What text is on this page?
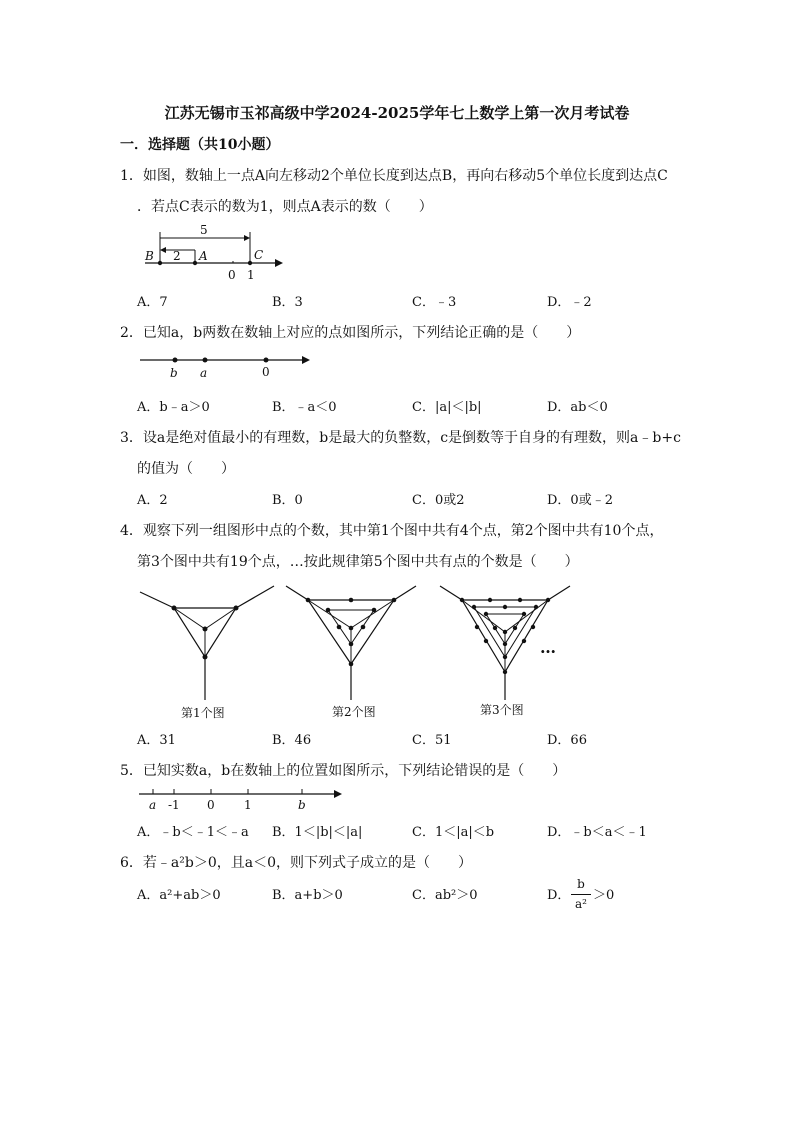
江苏无锡市玉祁高级中学2024-2025学年七上数学上第一次月考试卷
一．选择题（共10小题）
1．如图，数轴上一点A向左移动2个单位长度到达点B，再向右移动5个单位长度到达点C
．若点C表示的数为1，则点A表示的数（　　）
5
2
B	A	C
0 1
A．7	B．3	C．﹣3	D．﹣2
2．已知a，b两数在数轴上对应的点如图所示，下列结论正确的是（　　）
b a	0
A．b﹣a＞0	B．﹣a＜0	C．|a|＜|b|	D．ab＜0
3．设a是绝对值最小的有理数，b是最大的负整数，c是倒数等于自身的有理数，则a﹣b+c
的值为（　　）
A．2	B．0	C．0或2	D．0或﹣2
4．观察下列一组图形中点的个数，其中第1个图中共有4个点，第2个图中共有10个点，
第3个图中共有19个点，…按此规律第5个图中共有点的个数是（　　）
第1个图	第2个图
…
第3个图
A．31	B．46	C．51	D．66
5．已知实数a，b在数轴上的位置如图所示，下列结论错误的是（　　）
a -1 0 1	b
A．﹣b＜﹣1＜﹣a B．1＜|b|＜|a|	C．1＜|a|＜b	D．﹣b＜a＜﹣1
6．若﹣a²b＞0，且a＜0，则下列式子成立的是（　　）
A．a²+ab＞0	B．a+b＞0	C．ab²＞0	D．
b
a²
＞0
